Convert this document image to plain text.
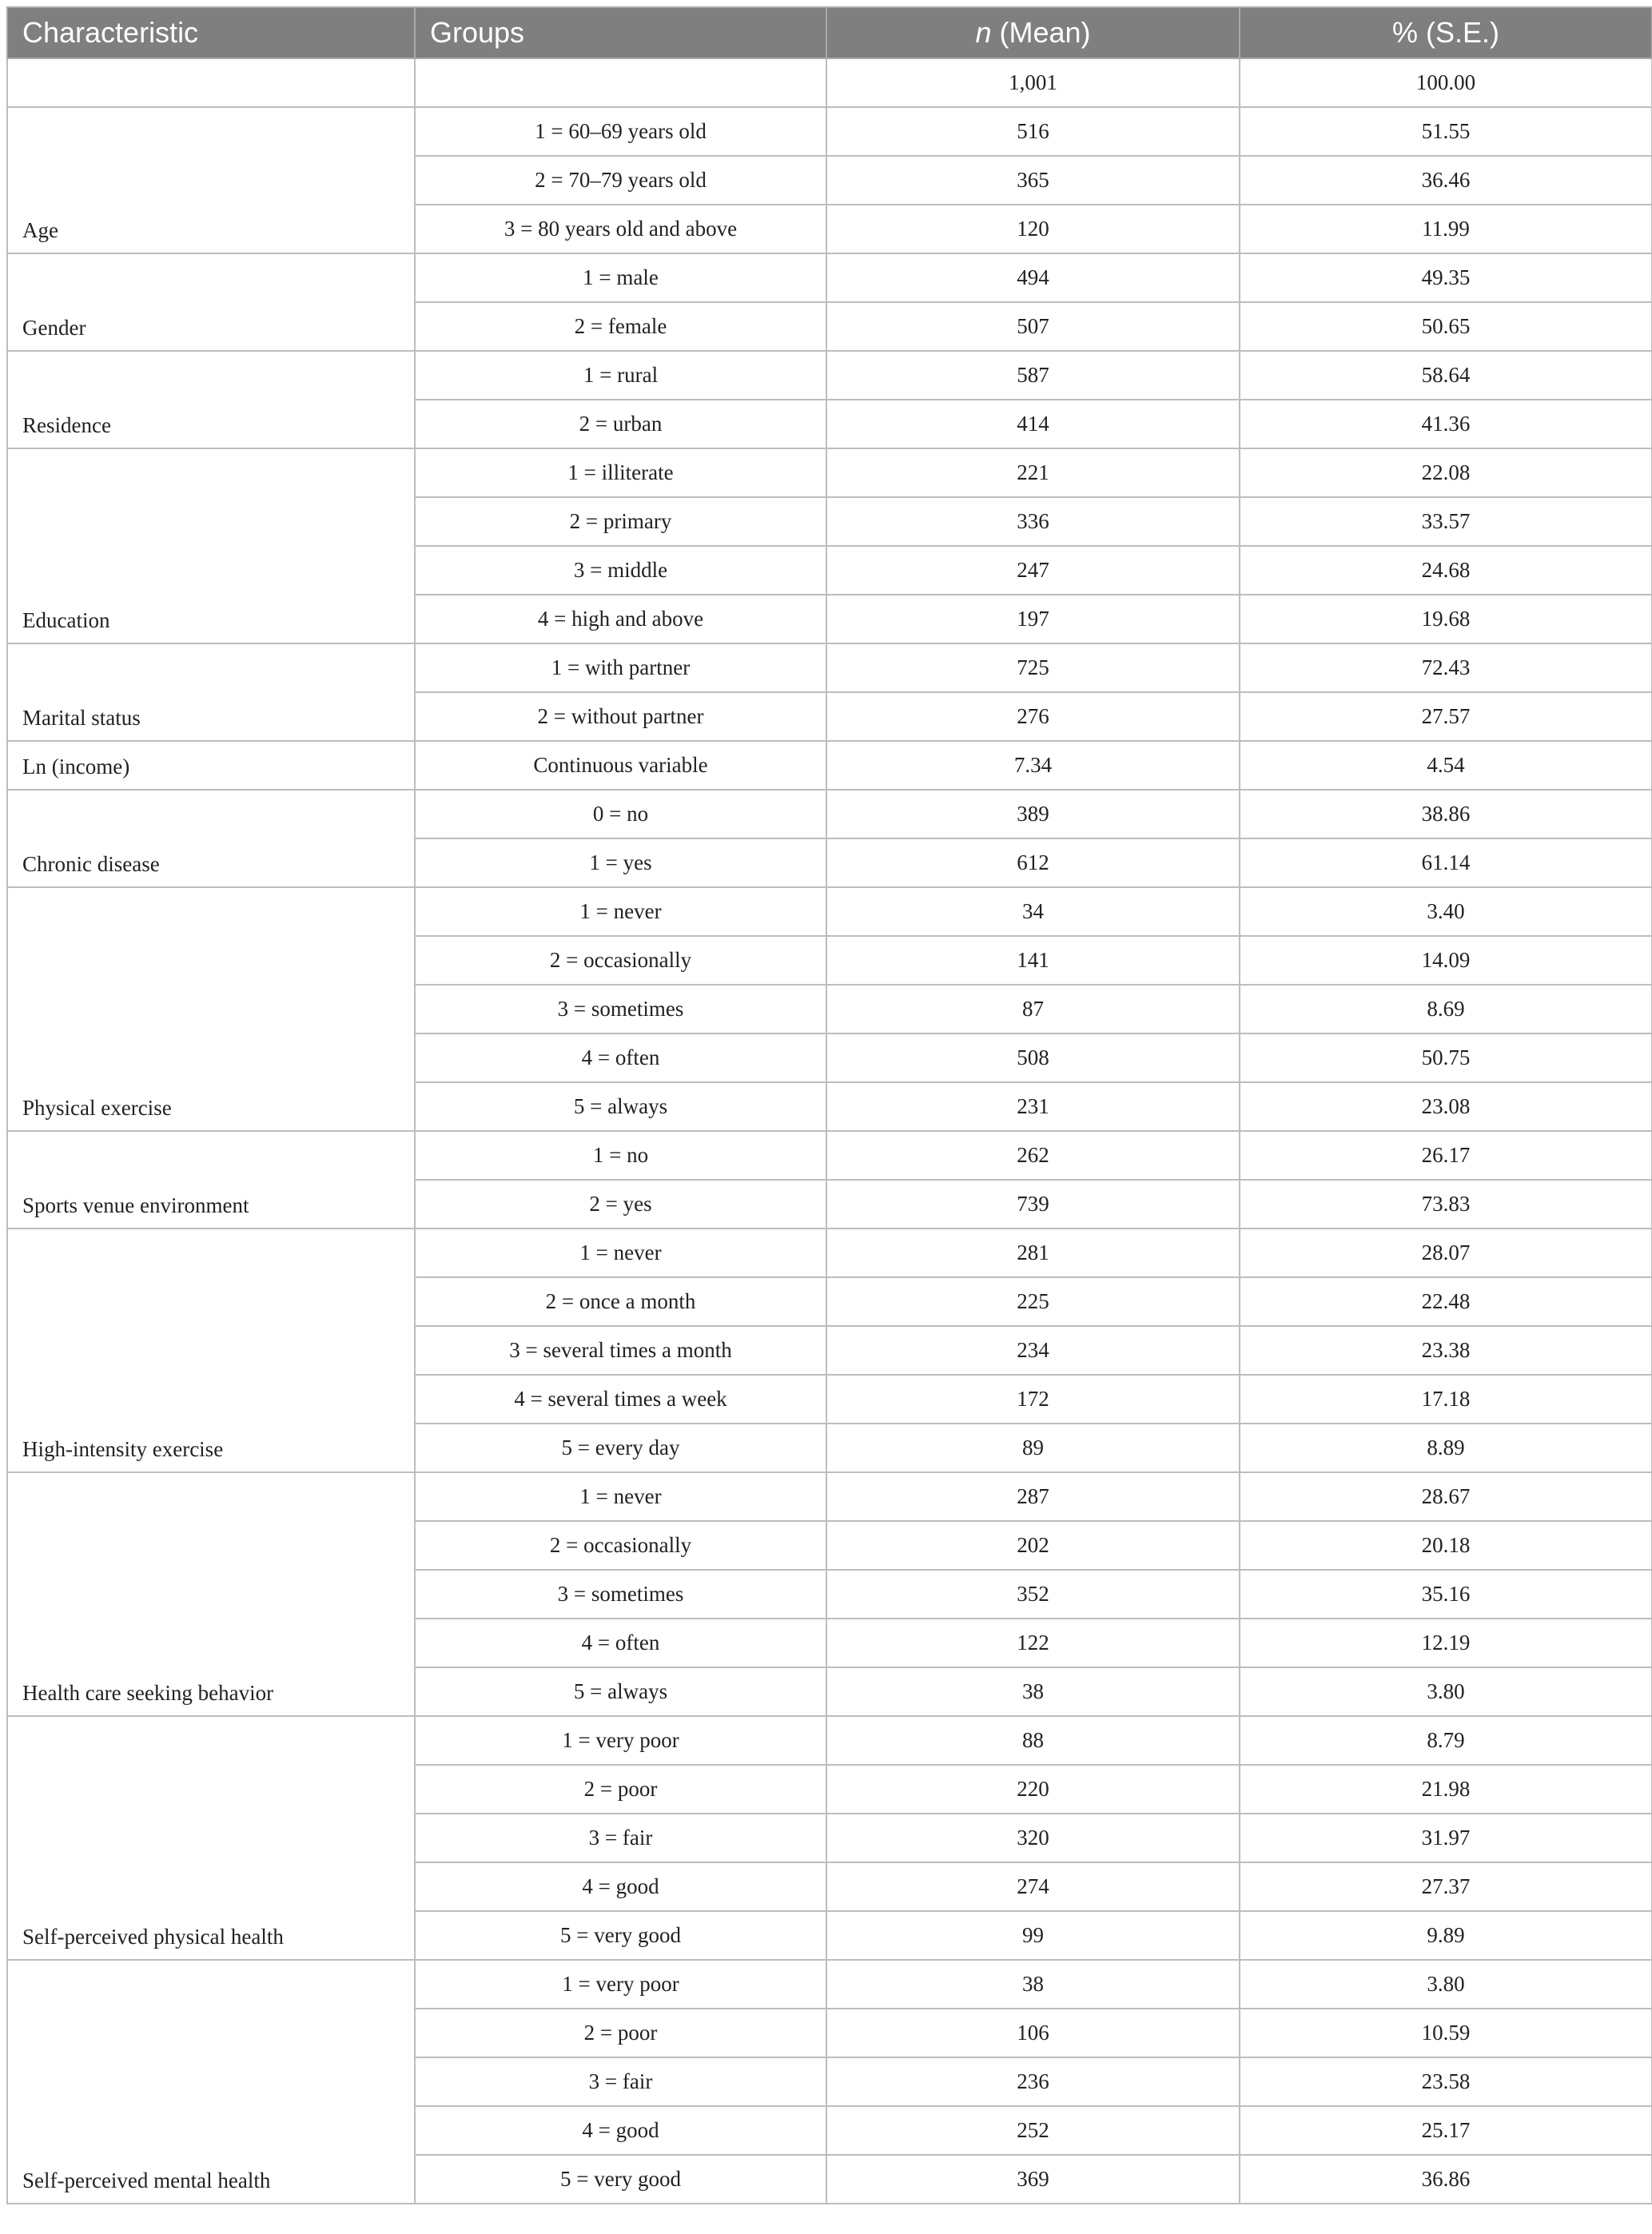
Characteristic	Groups	n (Mean)	% (S.E.)
		1,001	100.00
Age	1 = 60–69 years old	516	51.55
	2 = 70–79 years old	365	36.46
	3 = 80 years old and above	120	11.99
Gender	1 = male	494	49.35
	2 = female	507	50.65
Residence	1 = rural	587	58.64
	2 = urban	414	41.36
Education	1 = illiterate	221	22.08
	2 = primary	336	33.57
	3 = middle	247	24.68
	4 = high and above	197	19.68
Marital status	1 = with partner	725	72.43
	2 = without partner	276	27.57
Ln (income)	Continuous variable	7.34	4.54
Chronic disease	0 = no	389	38.86
	1 = yes	612	61.14
Physical exercise	1 = never	34	3.40
	2 = occasionally	141	14.09
	3 = sometimes	87	8.69
	4 = often	508	50.75
	5 = always	231	23.08
Sports venue environment	1 = no	262	26.17
	2 = yes	739	73.83
High-intensity exercise	1 = never	281	28.07
	2 = once a month	225	22.48
	3 = several times a month	234	23.38
	4 = several times a week	172	17.18
	5 = every day	89	8.89
Health care seeking behavior	1 = never	287	28.67
	2 = occasionally	202	20.18
	3 = sometimes	352	35.16
	4 = often	122	12.19
	5 = always	38	3.80
Self-perceived physical health	1 = very poor	88	8.79
	2 = poor	220	21.98
	3 = fair	320	31.97
	4 = good	274	27.37
	5 = very good	99	9.89
Self-perceived mental health	1 = very poor	38	3.80
	2 = poor	106	10.59
	3 = fair	236	23.58
	4 = good	252	25.17
	5 = very good	369	36.86
